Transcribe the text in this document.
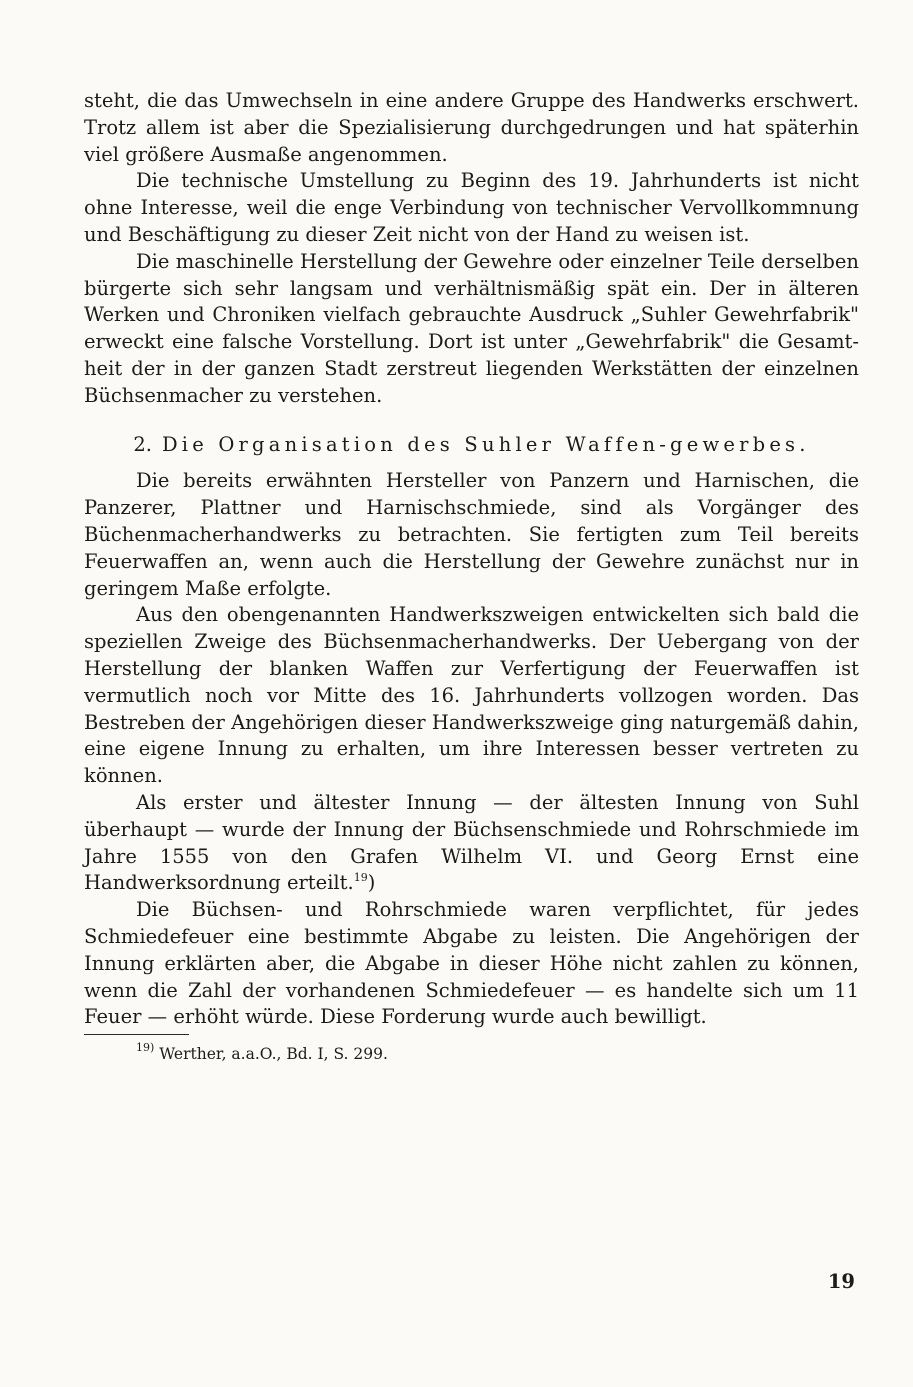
steht, die das Umwechseln in eine andere Gruppe des Handwerks erschwert. Trotz allem ist aber die Spezialisierung durchgedrungen und hat späterhin viel größere Ausmaße angenommen.

Die technische Umstellung zu Beginn des 19. Jahrhunderts ist nicht ohne Interesse, weil die enge Verbindung von technischer Vervollkommnung und Beschäftigung zu dieser Zeit nicht von der Hand zu weisen ist.

Die maschinelle Herstellung der Gewehre oder einzelner Teile derselben bürgerte sich sehr langsam und verhältnismäßig spät ein. Der in älteren Werken und Chroniken vielfach gebrauchte Ausdruck „Suhler Gewehrfabrik" erweckt eine falsche Vorstellung. Dort ist unter „Gewehrfabrik" die Gesamtheit der in der ganzen Stadt zerstreut liegenden Werkstätten der einzelnen Büchsenmacher zu verstehen.

2. Die Organisation des Suhler Waffen-gewerbes.

Die bereits erwähnten Hersteller von Panzern und Harnischen, die Panzerer, Plattner und Harnischschmiede, sind als Vorgänger des Büchenmacherhandwerks zu betrachten. Sie fertigten zum Teil bereits Feuerwaffen an, wenn auch die Herstellung der Gewehre zunächst nur in geringem Maße erfolgte.

Aus den obengenannten Handwerkszweigen entwickelten sich bald die speziellen Zweige des Büchsenmacherhandwerks. Der Uebergang von der Herstellung der blanken Waffen zur Verfertigung der Feuerwaffen ist vermutlich noch vor Mitte des 16. Jahrhunderts vollzogen worden. Das Bestreben der Angehörigen dieser Handwerkszweige ging naturgemäß dahin, eine eigene Innung zu erhalten, um ihre Interessen besser vertreten zu können.

Als erster und ältester Innung — der ältesten Innung von Suhl überhaupt — wurde der Innung der Büchsenschmiede und Rohrschmiede im Jahre 1555 von den Grafen Wilhelm VI. und Georg Ernst eine Handwerksordnung erteilt.$^{19}$)

Die Büchsen- und Rohrschmiede waren verpflichtet, für jedes Schmiedefeuer eine bestimmte Abgabe zu leisten. Die Angehörigen der Innung erklärten aber, die Abgabe in dieser Höhe nicht zahlen zu können, wenn die Zahl der vorhandenen Schmiedefeuer — es handelte sich um 11 Feuer — erhöht würde. Diese Forderung wurde auch bewilligt.

$^{19)}$ Werther, a.a.O., Bd. I, S. 299.

19
